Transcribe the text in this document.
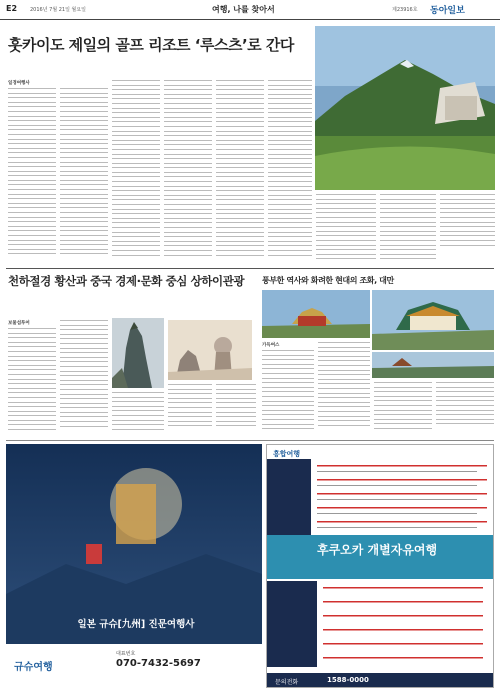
E2	2016년 7월 21일 월요일	여행, 나를 찾아서	제23916호 동아일보
훗카이도 제일의 골프 리조트 ‘루스츠’로 간다
일경여행사
천하절경 황산과 중국 경제·문화 중심 상하이관광
보물섬투어
풍부한 역사와 화려한 현대의 조화, 대만
가득여스
일본 규슈[九州] 진문여행사
규슈여행
대표번호
070-7432-5697
흥합여행
후쿠오카 개별자유여행
문의전화	1588-0000
